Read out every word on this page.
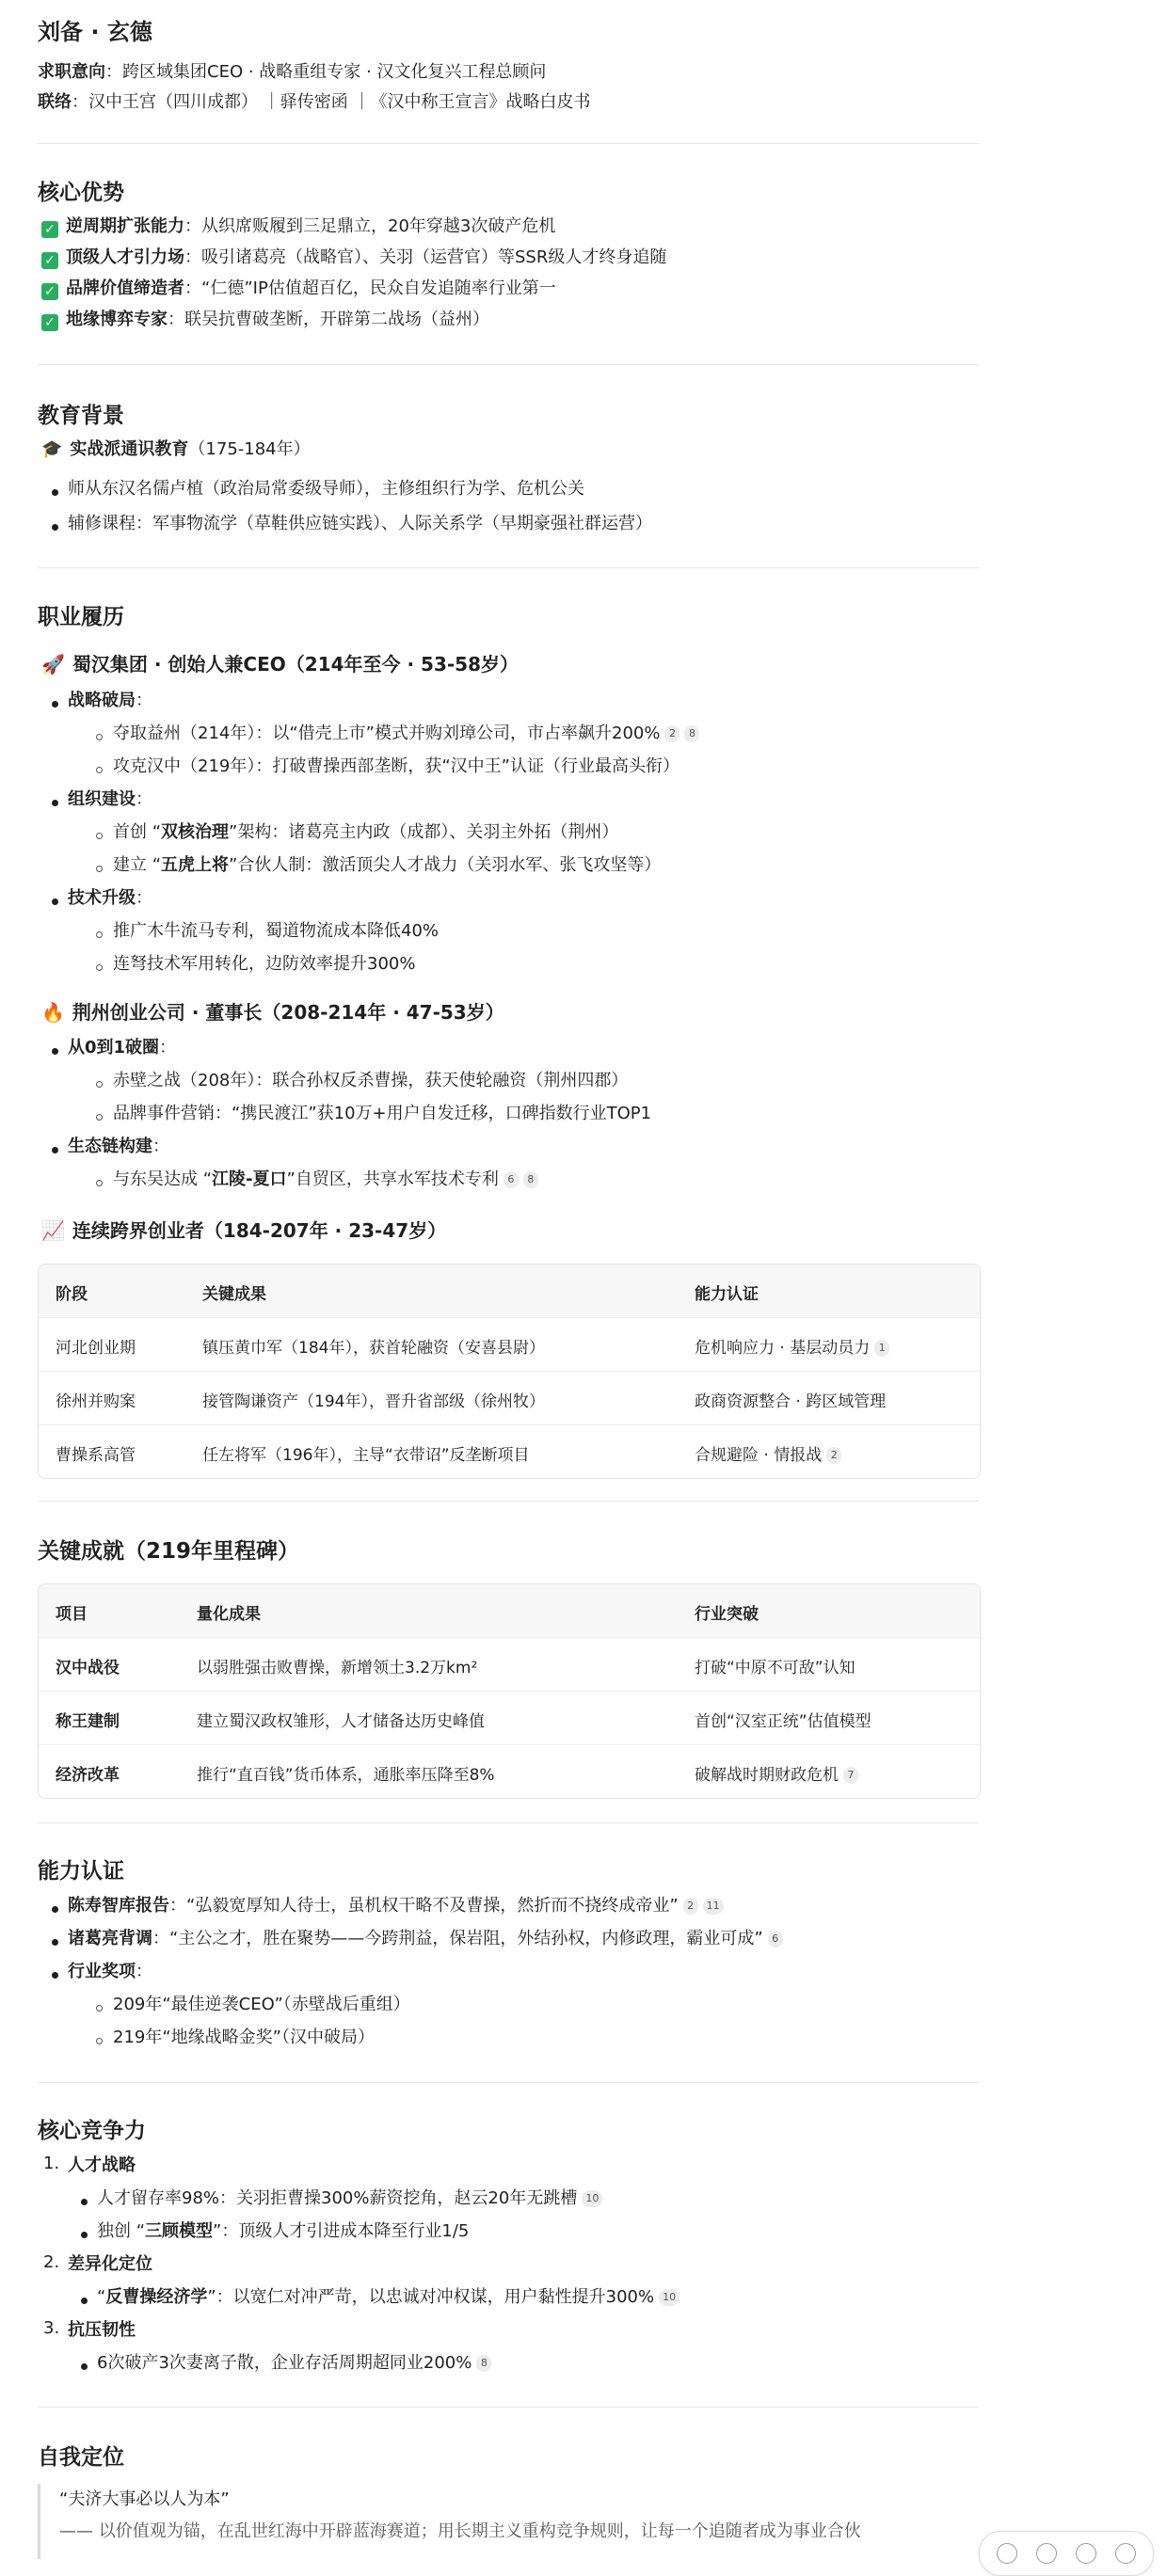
刘备 · 玄德
求职意向：跨区域集团CEO · 战略重组专家 · 汉文化复兴工程总顾问
联络：汉中王宫（四川成都） ｜驿传密函 ｜《汉中称王宣言》战略白皮书
核心优势
✓ 逆周期扩张能力：从织席贩履到三足鼎立，20年穿越3次破产危机
✓ 顶级人才引力场：吸引诸葛亮（战略官）、关羽（运营官）等SSR级人才终身追随
✓ 品牌价值缔造者：“仁德”IP估值超百亿，民众自发追随率行业第一
✓ 地缘博弈专家：联吴抗曹破垄断，开辟第二战场（益州）
教育背景
🎓 实战派通识教育（175-184年）
师从东汉名儒卢植（政治局常委级导师），主修组织行为学、危机公关
辅修课程：军事物流学（草鞋供应链实践）、人际关系学（早期豪强社群运营）
职业履历
🚀 蜀汉集团 · 创始人兼CEO（214年至今 · 53-58岁）
战略破局：
夺取益州（214年）：以“借壳上市”模式并购刘璋公司，市占率飙升200% 2 8
攻克汉中（219年）：打破曹操西部垄断，获“汉中王”认证（行业最高头衔）
组织建设：
首创 “双核治理”架构：诸葛亮主内政（成都）、关羽主外拓（荆州）
建立 “五虎上将”合伙人制：激活顶尖人才战力（关羽水军、张飞攻坚等）
技术升级：
推广木牛流马专利，蜀道物流成本降低40%
连弩技术军用转化，边防效率提升300%
🔥 荆州创业公司 · 董事长（208-214年 · 47-53岁）
从0到1破圈：
赤壁之战（208年）：联合孙权反杀曹操，获天使轮融资（荆州四郡）
品牌事件营销：“携民渡江”获10万+用户自发迁移，口碑指数行业TOP1
生态链构建：
与东吴达成 “江陵-夏口”自贸区，共享水军技术专利 6 8
📈 连续跨界创业者（184-207年 · 23-47岁）
阶段	关键成果	能力认证
河北创业期	镇压黄巾军（184年），获首轮融资（安喜县尉）	危机响应力 · 基层动员力 1
徐州并购案	接管陶谦资产（194年），晋升省部级（徐州牧）	政商资源整合 · 跨区域管理
曹操系高管	任左将军（196年），主导“衣带诏”反垄断项目	合规避险 · 情报战 2
关键成就（219年里程碑）
项目	量化成果	行业突破
汉中战役	以弱胜强击败曹操，新增领土3.2万km²	打破“中原不可敌”认知
称王建制	建立蜀汉政权雏形，人才储备达历史峰值	首创“汉室正统”估值模型
经济改革	推行“直百钱”货币体系，通胀率压降至8%	破解战时期财政危机 7
能力认证
陈寿智库报告：“弘毅宽厚知人待士，虽机权干略不及曹操，然折而不挠终成帝业” 2 11
诸葛亮背调：“主公之才，胜在聚势——今跨荆益，保岩阻，外结孙权，内修政理，霸业可成” 6
行业奖项：
209年“最佳逆袭CEO”（赤壁战后重组）
219年“地缘战略金奖”（汉中破局）
核心竞争力
1. 人才战略
人才留存率98%：关羽拒曹操300%薪资挖角，赵云20年无跳槽 10
独创 “三顾模型”：顶级人才引进成本降至行业1/5
2. 差异化定位
“反曹操经济学”：以宽仁对冲严苛，以忠诚对冲权谋，用户黏性提升300% 10
3. 抗压韧性
6次破产3次妻离子散，企业存活周期超同业200% 8
自我定位
“夫济大事必以人为本”
—— 以价值观为锚，在乱世红海中开辟蓝海赛道；用长期主义重构竞争规则，让每一个追随者成为事业合伙
